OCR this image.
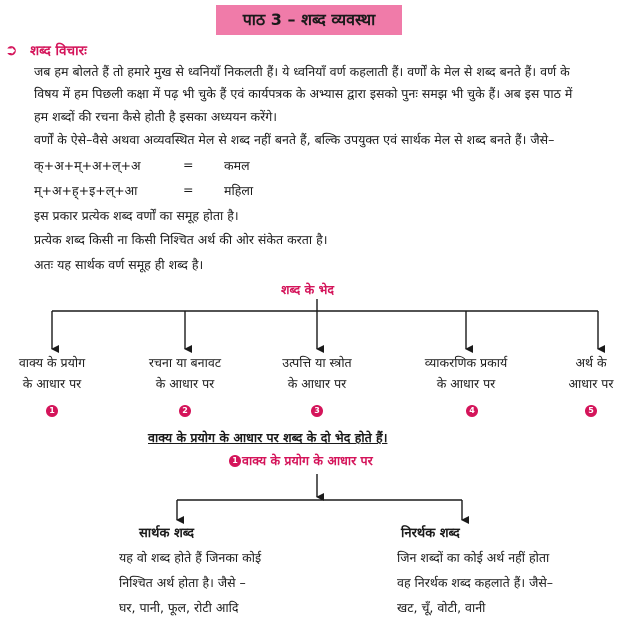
पाठ 3 – शब्द व्यवस्था
➲ शब्द विचारः
जब हम बोलते हैं तो हमारे मुख से ध्वनियाँ निकलती हैं। ये ध्वनियाँ वर्ण कहलाती हैं। वर्णों के मेल से शब्द बनते हैं। वर्ण के
विषय में हम पिछली कक्षा में पढ़ भी चुके हैं एवं कार्यपत्रक के अभ्यास द्वारा इसको पुनः समझ भी चुके हैं। अब इस पाठ में
हम शब्दों की रचना कैसे होती है इसका अध्ययन करेंगे।
वर्णों के ऐसे–वैसे अथवा अव्यवस्थित मेल से शब्द नहीं बनते हैं, बल्कि उपयुक्त एवं सार्थक मेल से शब्द बनते हैं। जैसे–
क्+अ+म्+अ+ल्+अ	= कमल
म्+अ+ह्+इ+ल्+आ	= महिला
इस प्रकार प्रत्येक शब्द वर्णों का समूह होता है।
प्रत्येक शब्द किसी ना किसी निश्चित अर्थ की ओर संकेत करता है।
अतः यह सार्थक वर्ण समूह ही शब्द है।
शब्द के भेद
वाक्य के प्रयोग
के आधार पर
रचना या बनावट
के आधार पर
उत्पत्ति या स्त्रोत
के आधार पर
व्याकरणिक प्रकार्य
के आधार पर
अर्थ के
आधार पर
1	2	3	4	5
वाक्य के प्रयोग के आधार पर शब्द के दो भेद होते हैं।
1 वाक्य के प्रयोग के आधार पर
सार्थक शब्द
यह वो शब्द होते हैं जिनका कोई
निश्चित अर्थ होता है। जैसे –
घर, पानी, फूल, रोटी आदि
निरर्थक शब्द
जिन शब्दों का कोई अर्थ नहीं होता
वह निरर्थक शब्द कहलाते हैं। जैसे–
खट, चूँ, वोटी, वानी
